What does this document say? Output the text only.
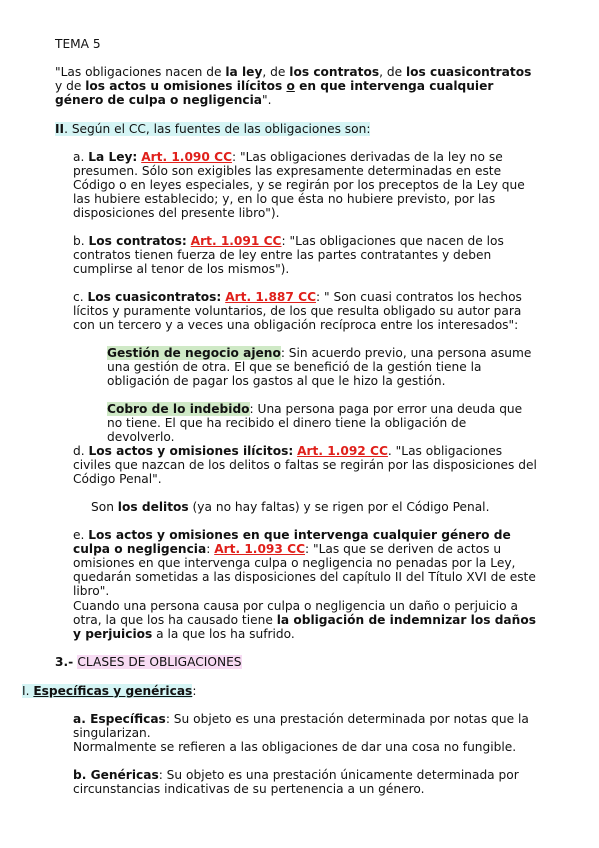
TEMA 5

"Las obligaciones nacen de la ley, de los contratos, de los cuasicontratos y de los actos u omisiones ilícitos o en que intervenga cualquier género de culpa o negligencia".

II. Según el CC, las fuentes de las obligaciones son:

a. La Ley: Art. 1.090 CC: "Las obligaciones derivadas de la ley no se presumen. Sólo son exigibles las expresamente determinadas en este Código o en leyes especiales, y se regirán por los preceptos de la Ley que las hubiere establecido; y, en lo que ésta no hubiere previsto, por las disposiciones del presente libro").

b. Los contratos: Art. 1.091 CC: "Las obligaciones que nacen de los contratos tienen fuerza de ley entre las partes contratantes y deben cumplirse al tenor de los mismos").

c. Los cuasicontratos: Art. 1.887 CC: " Son cuasi contratos los hechos lícitos y puramente voluntarios, de los que resulta obligado su autor para con un tercero y a veces una obligación recíproca entre los interesados":

Gestión de negocio ajeno: Sin acuerdo previo, una persona asume una gestión de otra. El que se benefició de la gestión tiene la obligación de pagar los gastos al que le hizo la gestión.

Cobro de lo indebido: Una persona paga por error una deuda que no tiene. El que ha recibido el dinero tiene la obligación de devolverlo.

d. Los actos y omisiones ilícitos: Art. 1.092 CC. "Las obligaciones civiles que nazcan de los delitos o faltas se regirán por las disposiciones del Código Penal".

Son los delitos (ya no hay faltas) y se rigen por el Código Penal.

e. Los actos y omisiones en que intervenga cualquier género de culpa o negligencia: Art. 1.093 CC: "Las que se deriven de actos u omisiones en que intervenga culpa o negligencia no penadas por la Ley, quedarán sometidas a las disposiciones del capítulo II del Título XVI de este libro".

Cuando una persona causa por culpa o negligencia un daño o perjuicio a otra, la que los ha causado tiene la obligación de indemnizar los daños y perjuicios a la que los ha sufrido.

3.- CLASES DE OBLIGACIONES

I. Específicas y genéricas:

a. Específicas: Su objeto es una prestación determinada por notas que la singularizan.
Normalmente se refieren a las obligaciones de dar una cosa no fungible.

b. Genéricas: Su objeto es una prestación únicamente determinada por circunstancias indicativas de su pertenencia a un género.
